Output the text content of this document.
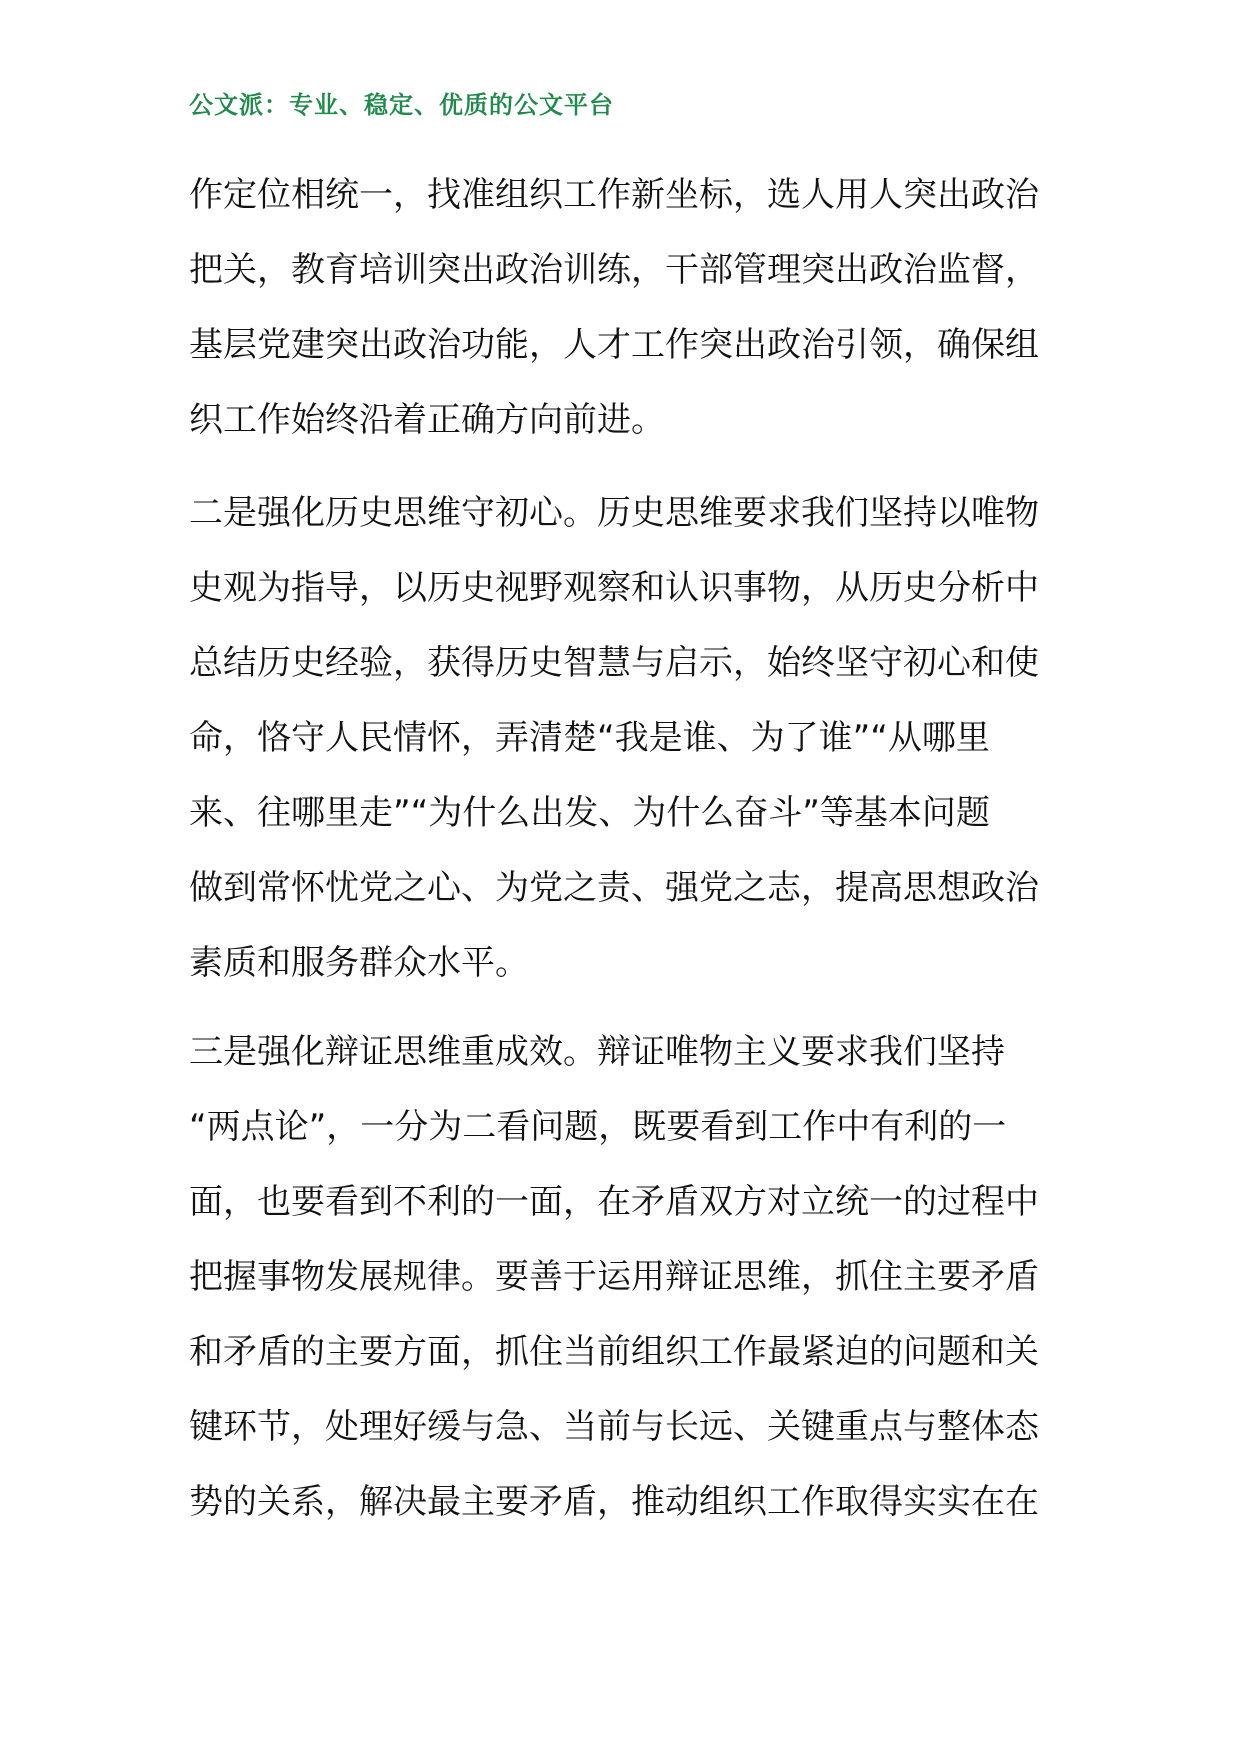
公文派：专业、稳定、优质的公文平台
作定位相统一，找准组织工作新坐标，选人用人突出政治
把关，教育培训突出政治训练，干部管理突出政治监督，
基层党建突出政治功能，人才工作突出政治引领，确保组
织工作始终沿着正确方向前进。
二是强化历史思维守初心。历史思维要求我们坚持以唯物
史观为指导，以历史视野观察和认识事物，从历史分析中
总结历史经验，获得历史智慧与启示，始终坚守初心和使
命，恪守人民情怀，弄清楚“我是谁、为了谁”“从哪里
来、往哪里走”“为什么出发、为什么奋斗”等基本问题
做到常怀忧党之心、为党之责、强党之志，提高思想政治
素质和服务群众水平。
三是强化辩证思维重成效。辩证唯物主义要求我们坚持
“两点论”，一分为二看问题，既要看到工作中有利的一
面，也要看到不利的一面，在矛盾双方对立统一的过程中
把握事物发展规律。要善于运用辩证思维，抓住主要矛盾
和矛盾的主要方面，抓住当前组织工作最紧迫的问题和关
键环节，处理好缓与急、当前与长远、关键重点与整体态
势的关系，解决最主要矛盾，推动组织工作取得实实在在
